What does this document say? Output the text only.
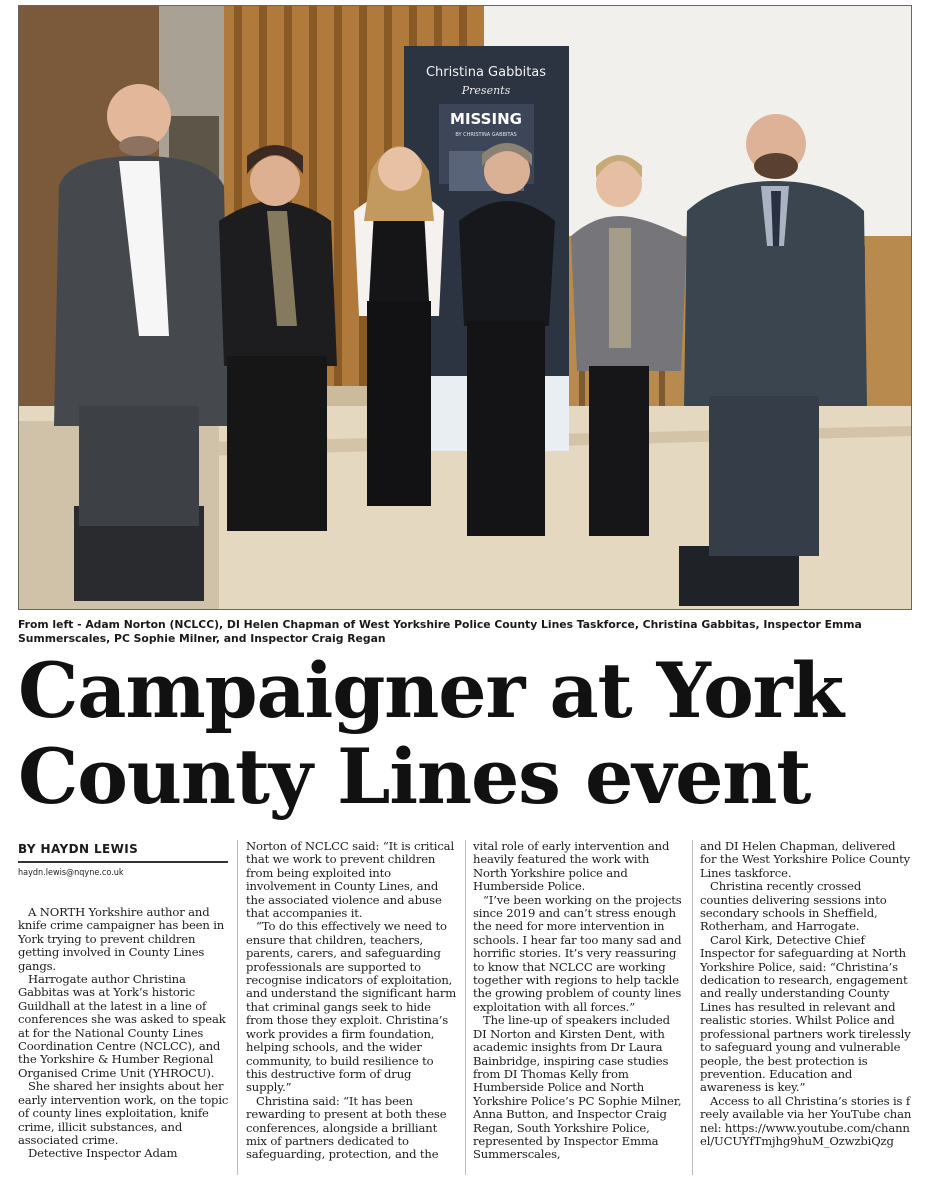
Christina Gabbitas
Presents
MISSING
BY CHRISTINA GABBITAS
From left - Adam Norton (NCLCC), DI Helen Chapman of West Yorkshire Police County Lines Taskforce, Christina Gabbitas, Inspector Emma Summerscales, PC Sophie Milner, and Inspector Craig Regan
Campaigner at York
County Lines event
BY HAYDN LEWIS
haydn.lewis@nqyne.co.uk

A NORTH Yorkshire author and knife crime campaigner has been in York trying to prevent children getting involved in County Lines gangs.

Harrogate author Christina Gabbitas was at York’s historic Guildhall at the latest in a line of conferences she was asked to speak at for the National County Lines Coordination Centre (NCLCC), and the Yorkshire & Humber Regional Organised Crime Unit (YHROCU).

She shared her insights about her early intervention work, on the topic of county lines exploitation, knife crime, illicit substances, and associated crime.

Detective Inspector Adam

Norton of NCLCC said: “It is critical that we work to prevent children from being exploited into involvement in County Lines, and the associated violence and abuse that accompanies it.

“To do this effectively we need to ensure that children, teachers, parents, carers, and safeguarding professionals are supported to recognise indicators of exploitation, and understand the significant harm that criminal gangs seek to hide from those they exploit. Christina’s work provides a firm foundation, helping schools, and the wider community, to build resilience to this destructive form of drug supply.”

Christina said: “It has been rewarding to present at both these conferences, alongside a brilliant mix of partners dedicated to safeguarding, protection, and the

vital role of early intervention and heavily featured the work with North Yorkshire police and Humberside Police.

“I’ve been working on the projects since 2019 and can’t stress enough the need for more intervention in schools. I hear far too many sad and horrific stories. It’s very reassuring to know that NCLCC are working together with regions to help tackle the growing problem of county lines exploitation with all forces.”

The line-up of speakers included DI Norton and Kirsten Dent, with academic insights from Dr Laura Bainbridge, inspiring case studies from DI Thomas Kelly from Humberside Police and North Yorkshire Police’s PC Sophie Milner, Anna Button, and Inspector Craig Regan, South Yorkshire Police, represented by Inspector Emma Summerscales,

and DI Helen Chapman, delivered for the West Yorkshire Police County Lines taskforce.

Christina recently crossed counties delivering sessions into secondary schools in Sheffield, Rotherham, and Harrogate.

Carol Kirk, Detective Chief Inspector for safeguarding at North Yorkshire Police, said: “Christina’s dedication to research, engagement and really understanding County Lines has resulted in relevant and realistic stories. Whilst Police and professional partners work tirelessly to safeguard young and vulnerable people, the best protection is prevention. Education and awareness is key.”

Access to all Christina’s stories is freely available via her YouTube channel: https://www.youtube.com/channel/UCUYfTmjhg9huM_OzwzbiQzg
